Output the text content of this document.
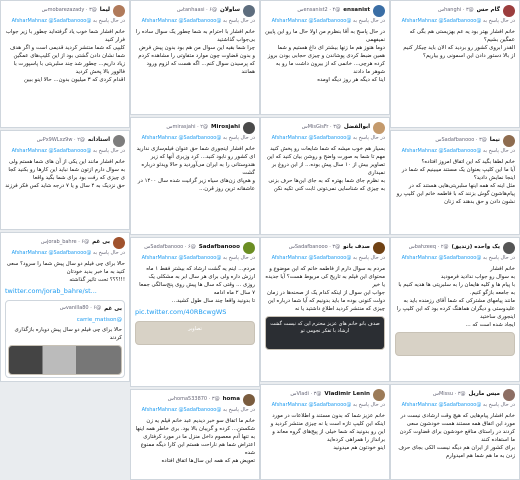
لیما
@mobarezazady · ۳س
در حال پاسخ به @AfsharMahnaz @Sadafbanooo
خانم افشار شما خوب یاد گرفته‌اید چطور با زیر جواب فرار کنید
کلیپی که شما منتشر کردید قدیمی است و اگر هدف شما نشان دادن گشتی بود از این کلیپ‌های عمگین زیاد داریم... چطور شد چند سلبریتی با پاسپورت با فالوور بالا پخش کردید
اقدام کردی که ۳ میلیون بدون... حالا اینو ببین
ساولان
@tanhaasi · ۶س
در حال پاسخ به @AfsharMahnaz @Sadafbanooo
خانم افشار با احترام به شما چطور یک سوال ساده را بی‌جواب گذاشتید
چرا شما بقیه این سوال من هم بود بدون پیش فرض و بدون قضاوت چون موارد متفاوتی را مشاهده کردم که پرسیدن سوال کنم... اگه هست که لزوم ورود همانند
ensanist
@ensanist2 · ۴س
در حال پاسخ به @AfsharMahnaz @Sadafbanooo
در حال پاسخ به آقا بنظرم من اولا حال ما رو این پایین نمیفهمی
دوما هنوز هم ما زنها بیشتر ای داغ هستیم و شما همین ضبط کردی پوشاندن و چیزی حجابی بودن بروز کرده هرچی... خانمی که از بیرون داشت ما رو به شوهر ما دادند
اینا که دیگه هر روز دیگه اومده
گام حس
@hanghi · ۳س
در حال پاسخ به @AfsharMahnaz @Sadafbanooo
خانم افشار بهتر بود یه عم بهزیستی هم بگی که عمگین بشیم؟
القدر ابروی کشور رو بردید که الان باید چیکار کنیم
از بالا دستور دادن این اسمونی رو بیاریم؟
استادانه
@Px9WLxz9w · ۲س
در حال پاسخ به @AfsharMahnaz @Sadafbanooo
خانم افشار مانند این یکی از آن های شما هستم ولی به سوال دارم ازتون شما نباید این کارها رو بکنید کجا ی چیزی که رفت بود برای شما بگید واقعا
حق نزدیک به ۴ سال و یا ۷ درجه شاید کس فکر فرزند
Mirosjahi
@mirasjahi · ۲س
در حال پاسخ به @AfsharMahnaz @Sadafbanooo
خانم افشار اینجوری شما حق عنوان فیلم‌سازی ندارید ای کشور رو نابود کنید... کرد وزیری آنها که زیر هندوستانی را به ایران می‌آوردید و حالا ویدئو درباره گشت
و هم‌پای زن‌های سیاه زیر گرانیت شده سال ۱۴۰۰ در عاشقانه ترین روز قرن...
ابوالفضل
@MisGisFr · ۳س
در حال پاسخ به @AfsharMahnaz @Sadafbanooo
بسیار هم خوب میشه که شما شایعات رو پخش کنید مهم تا شما به صورت واضح و روشن بیان کنید که این تصاویر بیش از ۱۰ سال پیش بوده... از این دروغ بر نمیداری
به نظرم جای شما بهتره که به جای این‌ها حرف بزنی به چیزی که شناسایی نمی‌تونی ثابت کنی تکیه نکن
نیما
@Sadafbanooo · ۳س
در حال پاسخ به @AfsharMahnaz @Sadafbanooo
خانم لطفا بگید که این اتفاق امروز افتاده؟
آیا ما این کلیپ بعنوان یک مستند میبینیم که شما در اینجا نمایش دادید؟
مثل اینه که همه اینها سلبریتی‌هایی هستند که در پیام‌هاشون گوش بزنند که با فاطمه خانم این کلیپ رو نشون دادن و حق بدهند که زنان
بی غم
@jorab_bahre · ۶س
در حال پاسخ به @AfsharMahnaz @Sadafbanooo
حالا برای چی فیلم دو سال پیش شما را سرود؟ سعی کنید به ما خبر بدید خودتان
!!!؟؟؟ تحت تاثیر گذاشته
twitter.com/jorab_bahre/st...
بی غم
@vanilla80 · ۶س
@carrie_matison
حالا برای چی فیلم دو سال پیش دوباره بازگذاری کردند
Sadafbanooo
@Sadafbanooo · ۶س
در حال پاسخ به @AfsharMahnaz @Sadafbanooo
مردم... اینم یه گشت ارشاد که بیشتر فقط ۱ ماه ارزش داره ولی برای هر سال ابر به مشکلی یک روزی ... وقتی که سال ها پیش روی پنج‌سالگی جمعا ۷ سال ۲ ماه ادامه
تا بدونید واقعا چند سال طول کشید...
pic.twitter.com/40RBcwgWS
تصاویر
صدف بانو
@Sadafbanooo · ۳س
در حال پاسخ به @AfsharMahnaz @Sadafbanooo
مردم به سوال دارم از فاطمه خانم که این موضوع و محتوای این فیلم به تاریخ کی مربوط هست؟ آیا جدیده یا خیر
جواب این سوال از اینکه کدام یک از صحنه‌ها در زمان دولت کنونی بوده ما باید بدونیم که آیا شما درباره این چیزی که منتشر کردید اطلاع داشتید یا نه
صدف بانو خانم های عزیز محترم این که نیست گشت ارشاد با تفکر نجومی تو
یک واحده (زندیق)
@bahzeeq · ۲س
در حال پاسخ به @AfsharMahnaz @Sadafbanooo
خانم افشار
به سوال رو جواب ندادید فرمودید
با پیام ها و کلیه هایمان را به سلبریتی ها هدیه کنیم با به جامعه بازگو کنیم.
مانند پیامهای مشترکی که شما آقای رزمنده باید به علیدوستی و دیگران هماهنگ کرده بود که این کلیپ را اینجوری ساختید
ایجاد شده است که ...
homa
@homa533870 · ۳س
در حال پاسخ به @AfsharMahnaz @Sadafbanooo
خانم ما اتفاق سو خبر دیدیم عبد خانم فیلم یه زن شکستن... کرده و گریبان بالا بود. بری خاطر همه اینها به تنها آدم معصوم داخل منزل ما در مورد کرفتاری اعتراض شما هم ناراحت هستم این کارا دیگه ممنوع شده
تعویض هم که همه این سال‌ها اتفاق افتاده
Vladimir Lenin
@Vladi · ۳س
در حال پاسخ به @AfsharMahnaz @Sadafbanooo
خانم عزیز شما که بدون مستند و اطلاعات در مورد اینکه این کلیپ تازه است یا نه چیزی منتشر کردید و این رو بدونید که شما خیلی از پیج‌های گروه معاند و برانداز را همراهی کرده‌اید
اینو خودتون هم میدونید
میس ماریل
@Missu · ۳س
در حال پاسخ به @AfsharMahnaz @Sadafbanooo
خانم افشار پیام‌هایی که هیچ وقت ارشادی نیست در مورد این اتفاق همه مستند هست خودشون سعی کردند در راستای منافع خودشون برای قضاوت کردن ما استفاده کنند
برای کشور از ایران هم دیگه نیست الکی بجای حرف زدن به ما هم شما هم امیدوارم
